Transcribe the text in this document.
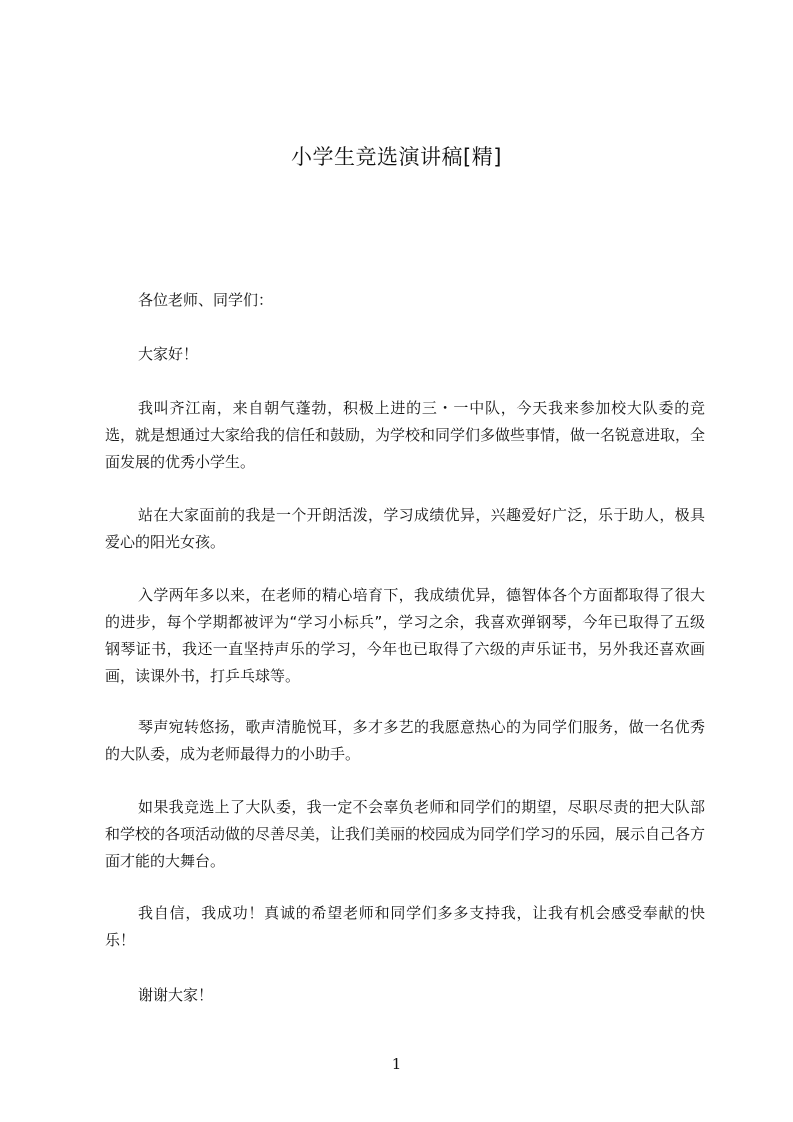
小学生竞选演讲稿[精]

各位老师、同学们：

大家好！

我叫齐江南，来自朝气蓬勃，积极上进的三・一中队，今天我来参加校大队委的竞选，就是想通过大家给我的信任和鼓励，为学校和同学们多做些事情，做一名锐意进取，全面发展的优秀小学生。

站在大家面前的我是一个开朗活泼，学习成绩优异，兴趣爱好广泛，乐于助人，极具爱心的阳光女孩。

入学两年多以来，在老师的精心培育下，我成绩优异，德智体各个方面都取得了很大的进步，每个学期都被评为“学习小标兵”，学习之余，我喜欢弹钢琴，今年已取得了五级钢琴证书，我还一直坚持声乐的学习，今年也已取得了六级的声乐证书，另外我还喜欢画画，读课外书，打乒乓球等。

琴声宛转悠扬，歌声清脆悦耳，多才多艺的我愿意热心的为同学们服务，做一名优秀的大队委，成为老师最得力的小助手。

如果我竞选上了大队委，我一定不会辜负老师和同学们的期望，尽职尽责的把大队部和学校的各项活动做的尽善尽美，让我们美丽的校园成为同学们学习的乐园，展示自己各方面才能的大舞台。

我自信，我成功！真诚的希望老师和同学们多多支持我，让我有机会感受奉献的快乐！

谢谢大家！

1
